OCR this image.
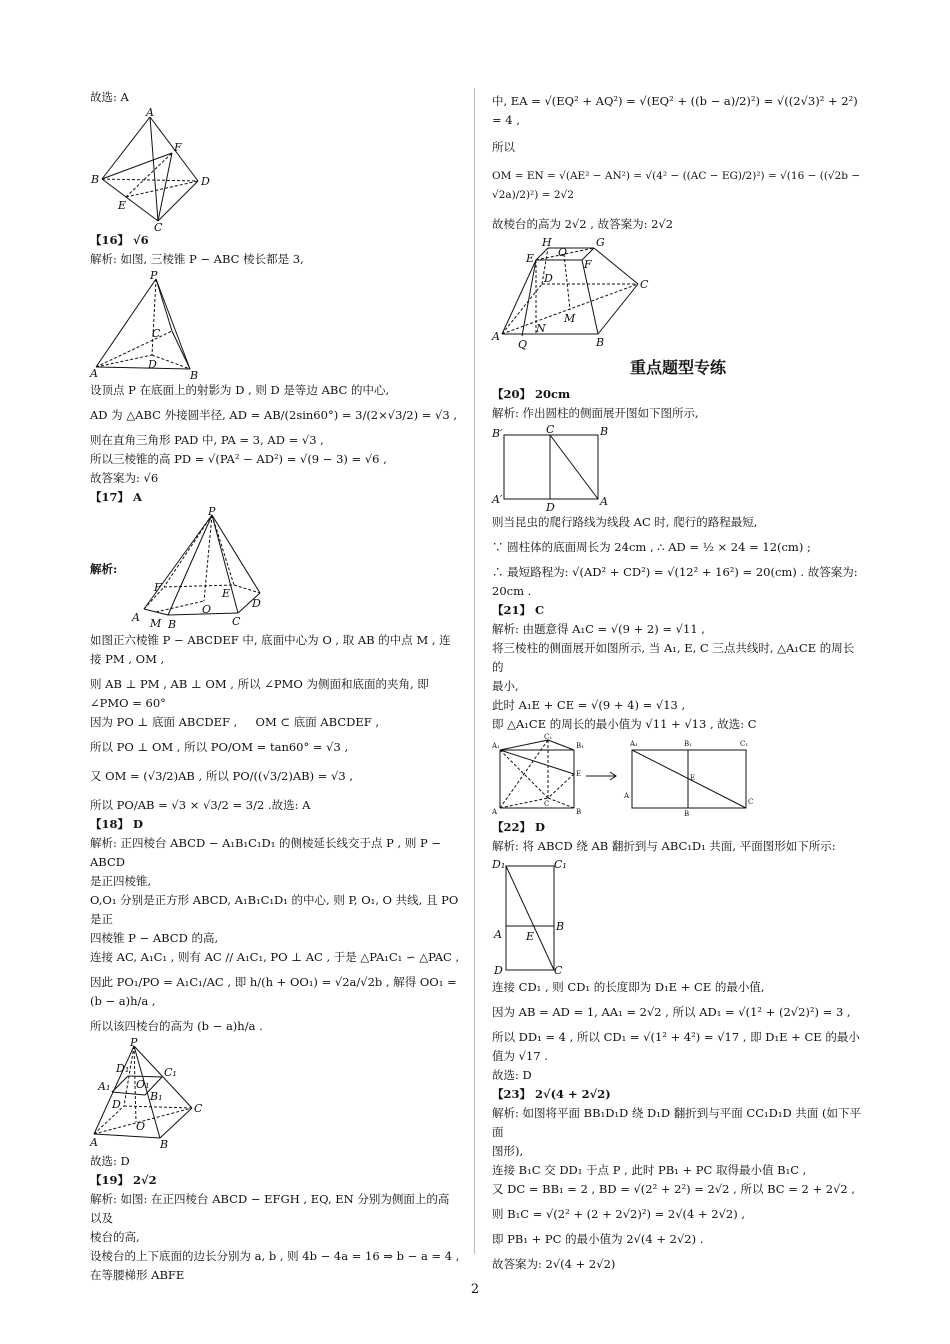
故选: A
A
F
B	D
E
C
【16】 √6
解析: 如图, 三棱锥 P − ABC 棱长都是 3,
P
C
A
D
B
设顶点 P 在底面上的射影为 D , 则 D 是等边 ABC 的中心,
AD 为 △ABC 外接圆半径, AD = AB/(2sin60°) = 3/(2×√3/2) = √3 ,
则在直角三角形 PAD 中, PA = 3, AD = √3 ,
所以三棱锥的高 PD = √(PA² − AD²) = √(9 − 3) = √6 ,
故答案为: √6
【17】 A
解析:
P
F	E
D
A M
O
B	C
如图正六棱锥 P − ABCDEF 中, 底面中心为 O , 取 AB 的中点 M , 连
接 PM , OM ,
则 AB ⊥ PM , AB ⊥ OM , 所以 ∠PMO 为侧面和底面的夹角, 即
∠PMO = 60°
因为 PO ⊥ 底面 ABCDEF ,     OM ⊂ 底面 ABCDEF ,
所以 PO ⊥ OM , 所以 PO/OM = tan60° = √3 ,
又 OM = (√3/2)AB , 所以 PO/((√3/2)AB) = √3 ,
所以 PO/AB = √3 × √3/2 = 3/2 .故选: A
【18】 D
解析: 正四棱台 ABCD − A₁B₁C₁D₁ 的侧棱延长线交于点 P , 则 P − ABCD
是正四棱锥,
O,O₁ 分别是正方形 ABCD, A₁B₁C₁D₁ 的中心, 则 P, O₁, O 共线, 且 PO 是正
四棱锥 P − ABCD 的高,
连接 AC, A₁C₁ , 则有 AC // A₁C₁, PO ⊥ AC , 于是 △PA₁C₁ ∽ △PAC ,
因此 PO₁/PO = A₁C₁/AC , 即 h/(h + OO₁) = √2a/√2b , 解得 OO₁ = (b − a)h/a ,
所以该四棱台的高为 (b − a)h/a .
P
D₁	C₁
A₁ O₁
B₁
D
O
C
A	B
故选: D
【19】 2√2
解析: 如图: 在正四棱台 ABCD − EFGH , EQ, EN 分别为侧面上的高以及
棱台的高,
设棱台的上下底面的边长分别为 a, b , 则 4b − 4a = 16 ⇒ b − a = 4 ,
在等腰梯形 ABFE
中, EA = √(EQ² + AQ²) = √(EQ² + ((b − a)/2)²) = √((2√3)² + 2²) = 4 ,
所以
OM = EN = √(AE² − AN²) = √(4² − ((AC − EG)/2)²) = √(16 − ((√2b − √2a)/2)²) = 2√2
故棱台的高为 2√2 , 故答案为: 2√2
H	G
E O
F
D	C
M
A
N
Q	B
重点题型专练
【20】 20cm
解析: 作出圆柱的侧面展开图如下图所示,
B′	C	B
A′
D	A
则当昆虫的爬行路线为线段 AC 时, 爬行的路程最短,
∵ 圆柱体的底面周长为 24cm , ∴ AD = ½ × 24 = 12(cm) ;
∴ 最短路程为: √(AD² + CD²) = √(12² + 16²) = 20(cm) . 故答案为: 20cm .
【21】 C
解析: 由题意得 A₁C = √(9 + 2) = √11 ,
将三棱柱的侧面展开如图所示, 当 A₁, E, C 三点共线时, △A₁CE 的周长的
最小,
此时 A₁E + CE = √(9 + 4) = √13 ,
即 △A₁CE 的周长的最小值为 √11 + √13 , 故选: C
C₁
A₁	B₁
E
C
A	B
A₁	B₁	C₁
E
A
B
C
【22】 D
解析: 将 ABCD 绕 AB 翻折到与 ABC₁D₁ 共面, 平面图形如下所示:
D₁	C₁
B
A E
D	C
连接 CD₁ , 则 CD₁ 的长度即为 D₁E + CE 的最小值,
因为 AB = AD = 1, AA₁ = 2√2 , 所以 AD₁ = √(1² + (2√2)²) = 3 ,
所以 DD₁ = 4 , 所以 CD₁ = √(1² + 4²) = √17 , 即 D₁E + CE 的最小值为 √17 .
故选: D
【23】 2√(4 + 2√2)
解析: 如图将平面 BB₁D₁D 绕 D₁D 翻折到与平面 CC₁D₁D 共面 (如下平面
图形),
连接 B₁C 交 DD₁ 于点 P , 此时 PB₁ + PC 取得最小值 B₁C ,
又 DC = BB₁ = 2 , BD = √(2² + 2²) = 2√2 , 所以 BC = 2 + 2√2 ,
则 B₁C = √(2² + (2 + 2√2)²) = 2√(4 + 2√2) ,
即 PB₁ + PC 的最小值为 2√(4 + 2√2) .
故答案为: 2√(4 + 2√2)
2
